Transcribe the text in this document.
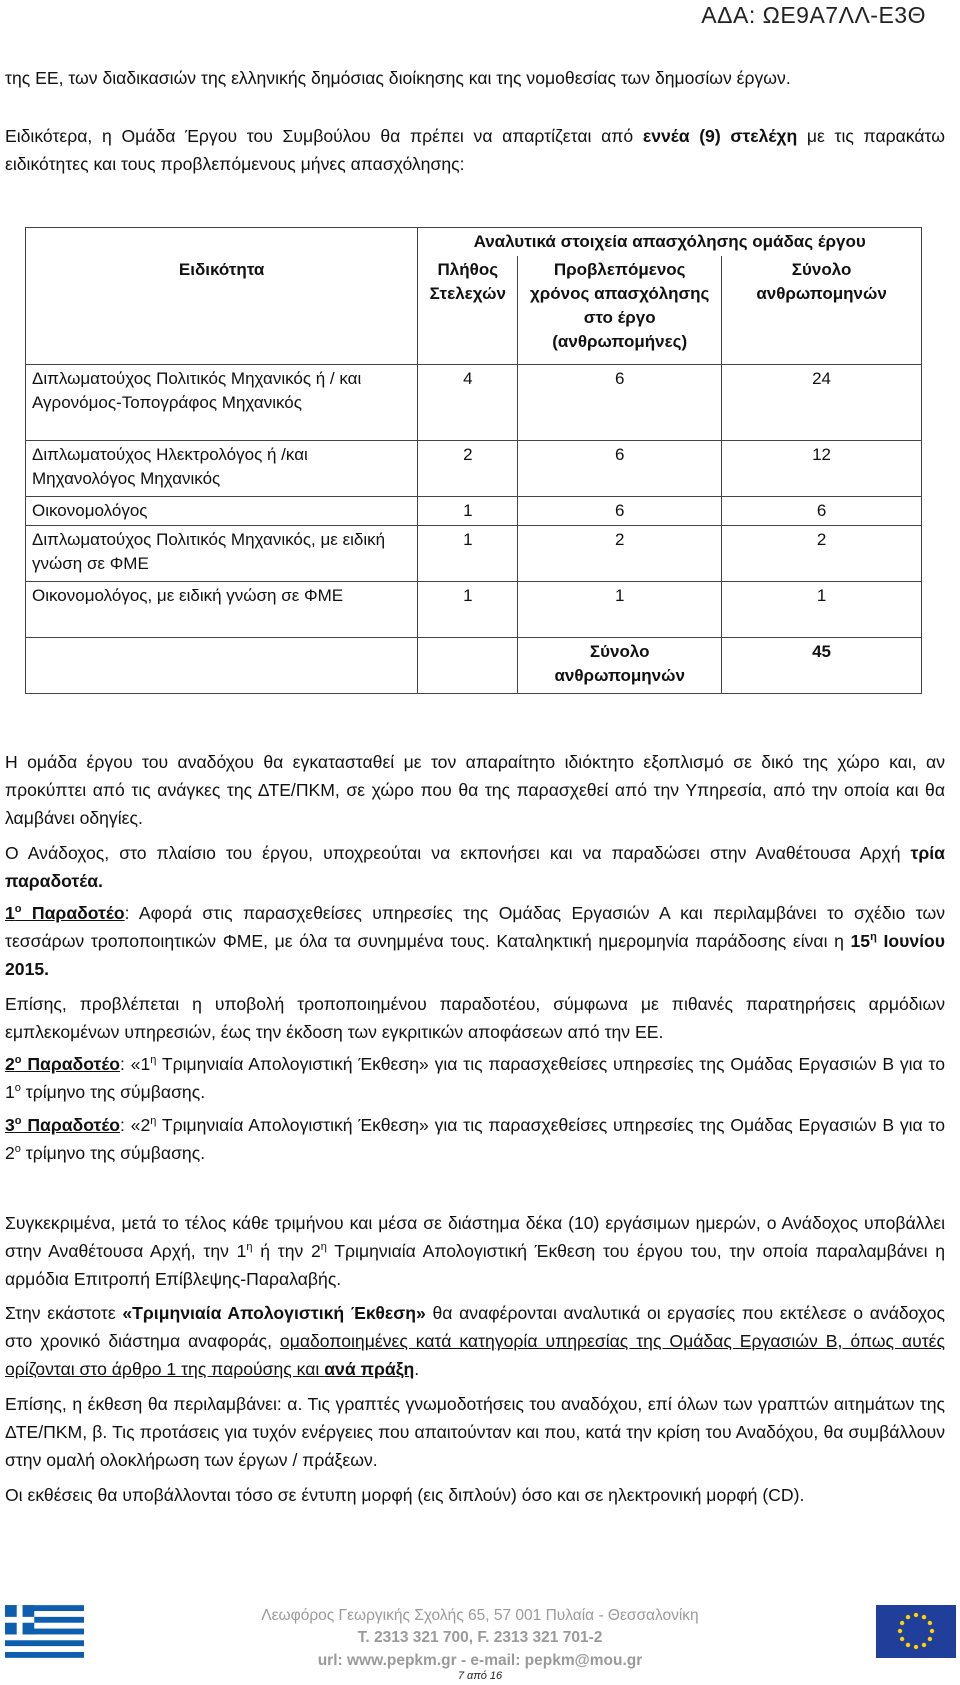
ΑΔΑ: ΩΕ9Α7ΛΛ-Ε3Θ

της ΕΕ, των διαδικασιών της ελληνικής δημόσιας διοίκησης και της νομοθεσίας των δημοσίων έργων.

Ειδικότερα, η Ομάδα Έργου του Συμβούλου θα πρέπει να απαρτίζεται από εννέα (9) στελέχη με τις παρακάτω ειδικότητες και τους προβλεπόμενους μήνες απασχόλησης:

	Αναλυτικά στοιχεία απασχόλησης ομάδας έργου		
Ειδικότητα	Πλήθος Στελεχών	Προβλεπόμενος χρόνος απασχόλησης στο έργο (ανθρωπομήνες)	Σύνολο ανθρωπομηνών
Διπλωματούχος Πολιτικός Μηχανικός ή / και Αγρονόμος-Τοπογράφος Μηχανικός	4	6	24
Διπλωματούχος Ηλεκτρολόγος ή /και Μηχανολόγος Μηχανικός	2	6	12
Οικονομολόγος	1	6	6
Διπλωματούχος Πολιτικός Μηχανικός, με ειδική γνώση σε ΦΜΕ	1	2	2
Οικονομολόγος, με ειδική γνώση σε ΦΜΕ	1	1	1
		Σύνολο ανθρωπομηνών	45

Η ομάδα έργου του αναδόχου θα εγκατασταθεί με τον απαραίτητο ιδιόκτητο εξοπλισμό σε δικό της χώρο και, αν προκύπτει από τις ανάγκες της ΔΤΕ/ΠΚΜ, σε χώρο που θα της παρασχεθεί από την Υπηρεσία, από την οποία και θα λαμβάνει οδηγίες.

Ο Ανάδοχος, στο πλαίσιο του έργου, υποχρεούται να εκπονήσει και να παραδώσει στην Αναθέτουσα Αρχή τρία παραδοτέα.

$1^o$ Παραδοτέο: Αφορά στις παρασχεθείσες υπηρεσίες της Ομάδας Εργασιών Α και περιλαμβάνει το σχέδιο των τεσσάρων τροποποιητικών ΦΜΕ, με όλα τα συνημμένα τους. Καταληκτική ημερομηνία παράδοσης είναι η $15^\eta$ Ιουνίου 2015.

Επίσης, προβλέπεται η υποβολή τροποποιημένου παραδοτέου, σύμφωνα με πιθανές παρατηρήσεις αρμόδιων εμπλεκομένων υπηρεσιών, έως την έκδοση των εγκριτικών αποφάσεων από την ΕΕ.

$2^o$ Παραδοτέο: «$1^\eta$ Τριμηνιαία Απολογιστική Έκθεση» για τις παρασχεθείσες υπηρεσίες της Ομάδας Εργασιών Β για το $1^o$ τρίμηνο της σύμβασης.

$3^o$ Παραδοτέο: «$2^\eta$ Τριμηνιαία Απολογιστική Έκθεση» για τις παρασχεθείσες υπηρεσίες της Ομάδας Εργασιών Β για το $2^o$ τρίμηνο της σύμβασης.

Συγκεκριμένα, μετά το τέλος κάθε τριμήνου και μέσα σε διάστημα δέκα (10) εργάσιμων ημερών, ο Ανάδοχος υποβάλλει στην Αναθέτουσα Αρχή, την $1^\eta$ ή την $2^\eta$ Τριμηνιαία Απολογιστική Έκθεση του έργου του, την οποία παραλαμβάνει η αρμόδια Επιτροπή Επίβλεψης-Παραλαβής.

Στην εκάστοτε «Τριμηνιαία Απολογιστική Έκθεση» θα αναφέρονται αναλυτικά οι εργασίες που εκτέλεσε ο ανάδοχος στο χρονικό διάστημα αναφοράς, ομαδοποιημένες κατά κατηγορία υπηρεσίας της Ομάδας Εργασιών Β, όπως αυτές ορίζονται στο άρθρο 1 της παρούσης και ανά πράξη.

Επίσης, η έκθεση θα περιλαμβάνει: α. Τις γραπτές γνωμοδοτήσεις του αναδόχου, επί όλων των γραπτών αιτημάτων της ΔΤΕ/ΠΚΜ, β. Τις προτάσεις για τυχόν ενέργειες που απαιτούνταν και που, κατά την κρίση του Αναδόχου, θα συμβάλλουν στην ομαλή ολοκλήρωση των έργων / πράξεων.

Οι εκθέσεις θα υποβάλλονται τόσο σε έντυπη μορφή (εις διπλούν) όσο και σε ηλεκτρονική μορφή (CD).

Λεωφόρος Γεωργικής Σχολής 65, 57 001 Πυλαία - Θεσσαλονίκη
T. 2313 321 700, F. 2313 321 701-2
url: www.pepkm.gr - e-mail: pepkm@mou.gr
7 από 16
